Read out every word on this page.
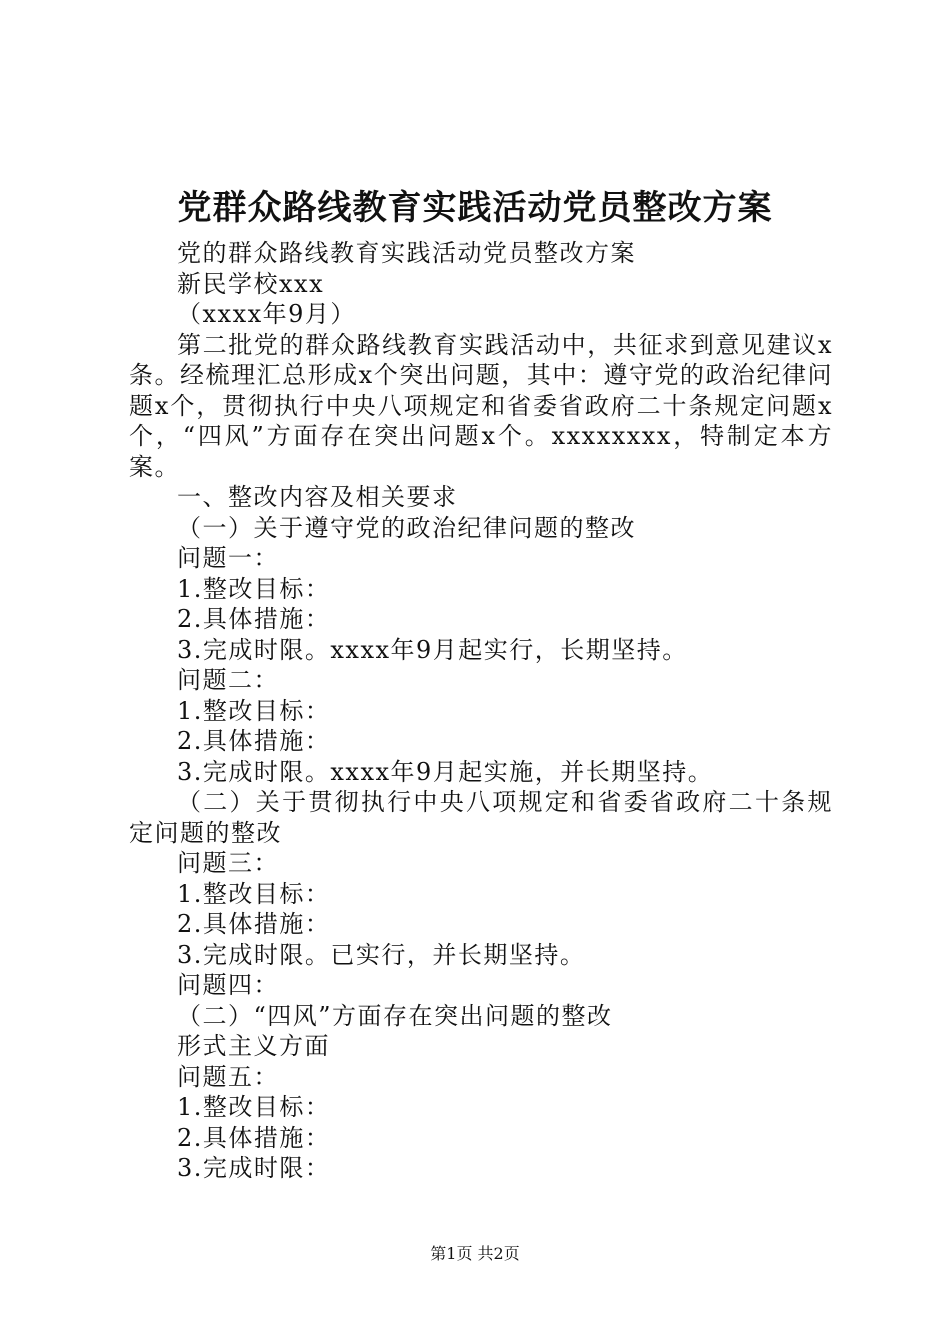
党群众路线教育实践活动党员整改方案

党的群众路线教育实践活动党员整改方案

新民学校xxx

（xxxx年9月）

第二批党的群众路线教育实践活动中，共征求到意见建议x条。经梳理汇总形成x个突出问题，其中：遵守党的政治纪律问题x个，贯彻执行中央八项规定和省委省政府二十条规定问题x个，“四风”方面存在突出问题x个。xxxxxxxx，特制定本方案。

一、整改内容及相关要求

（一）关于遵守党的政治纪律问题的整改

问题一：

1.整改目标：

2.具体措施：

3.完成时限。xxxx年9月起实行，长期坚持。

问题二：

1.整改目标：

2.具体措施：

3.完成时限。xxxx年9月起实施，并长期坚持。

（二）关于贯彻执行中央八项规定和省委省政府二十条规定问题的整改

问题三：

1.整改目标：

2.具体措施：

3.完成时限。已实行，并长期坚持。

问题四：

（二）“四风”方面存在突出问题的整改

形式主义方面

问题五：

1.整改目标：

2.具体措施：

3.完成时限：

第1页 共2页
